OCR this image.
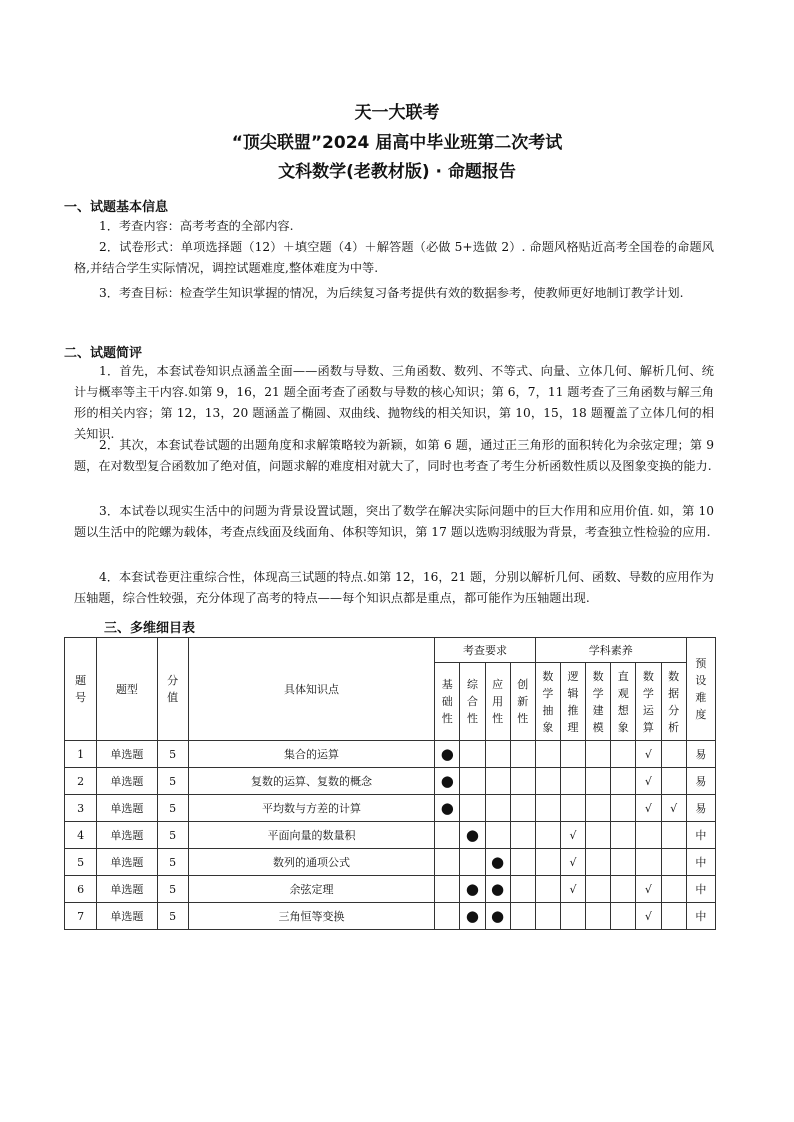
天一大联考
“顶尖联盟”2024 届高中毕业班第二次考试
文科数学(老教材版) · 命题报告
一、试题基本信息
1．考查内容：高考考查的全部内容.
2．试卷形式：单项选择题（12）＋填空题（4）＋解答题（必做 5+选做 2）. 命题风格贴近高考全国卷的命题风格,并结合学生实际情况，调控试题难度,整体难度为中等.
3．考查目标：检查学生知识掌握的情况，为后续复习备考提供有效的数据参考，使教师更好地制订教学计划.
二、试题简评
1．首先，本套试卷知识点涵盖全面——函数与导数、三角函数、数列、不等式、向量、立体几何、解析几何、统计与概率等主干内容.如第 9，16，21 题全面考查了函数与导数的核心知识；第 6，7，11 题考查了三角函数与解三角形的相关内容；第 12，13，20 题涵盖了椭圆、双曲线、抛物线的相关知识，第 10，15，18 题覆盖了立体几何的相关知识.
2．其次，本套试卷试题的出题角度和求解策略较为新颖，如第 6 题，通过正三角形的面积转化为余弦定理；第 9 题，在对数型复合函数加了绝对值，问题求解的难度相对就大了，同时也考查了考生分析函数性质以及图象变换的能力.
3．本试卷以现实生活中的问题为背景设置试题，突出了数学在解决实际问题中的巨大作用和应用价值. 如，第 10 题以生活中的陀螺为载体，考查点线面及线面角、体积等知识，第 17 题以选购羽绒服为背景，考查独立性检验的应用.
4．本套试卷更注重综合性，体现高三试题的特点.如第 12，16，21 题，分别以解析几何、函数、导数的应用作为压轴题，综合性较强，充分体现了高考的特点——每个知识点都是重点，都可能作为压轴题出现.
三、多维细目表
题号	题型	分值	具体知识点	考查要求				学科素养						预设难度
				基础性	综合性	应用性	创新性	数学抽象	逻辑推理	数学建模	直观想象	数学运算	数据分析	
1	单选题	5	集合的运算	●								√		易
2	单选题	5	复数的运算、复数的概念	●								√		易
3	单选题	5	平均数与方差的计算	●								√	√	易
4	单选题	5	平面向量的数量积		●				√					中
5	单选题	5	数列的通项公式			●			√					中
6	单选题	5	余弦定理		●	●			√			√		中
7	单选题	5	三角恒等变换		●	●						√		中
